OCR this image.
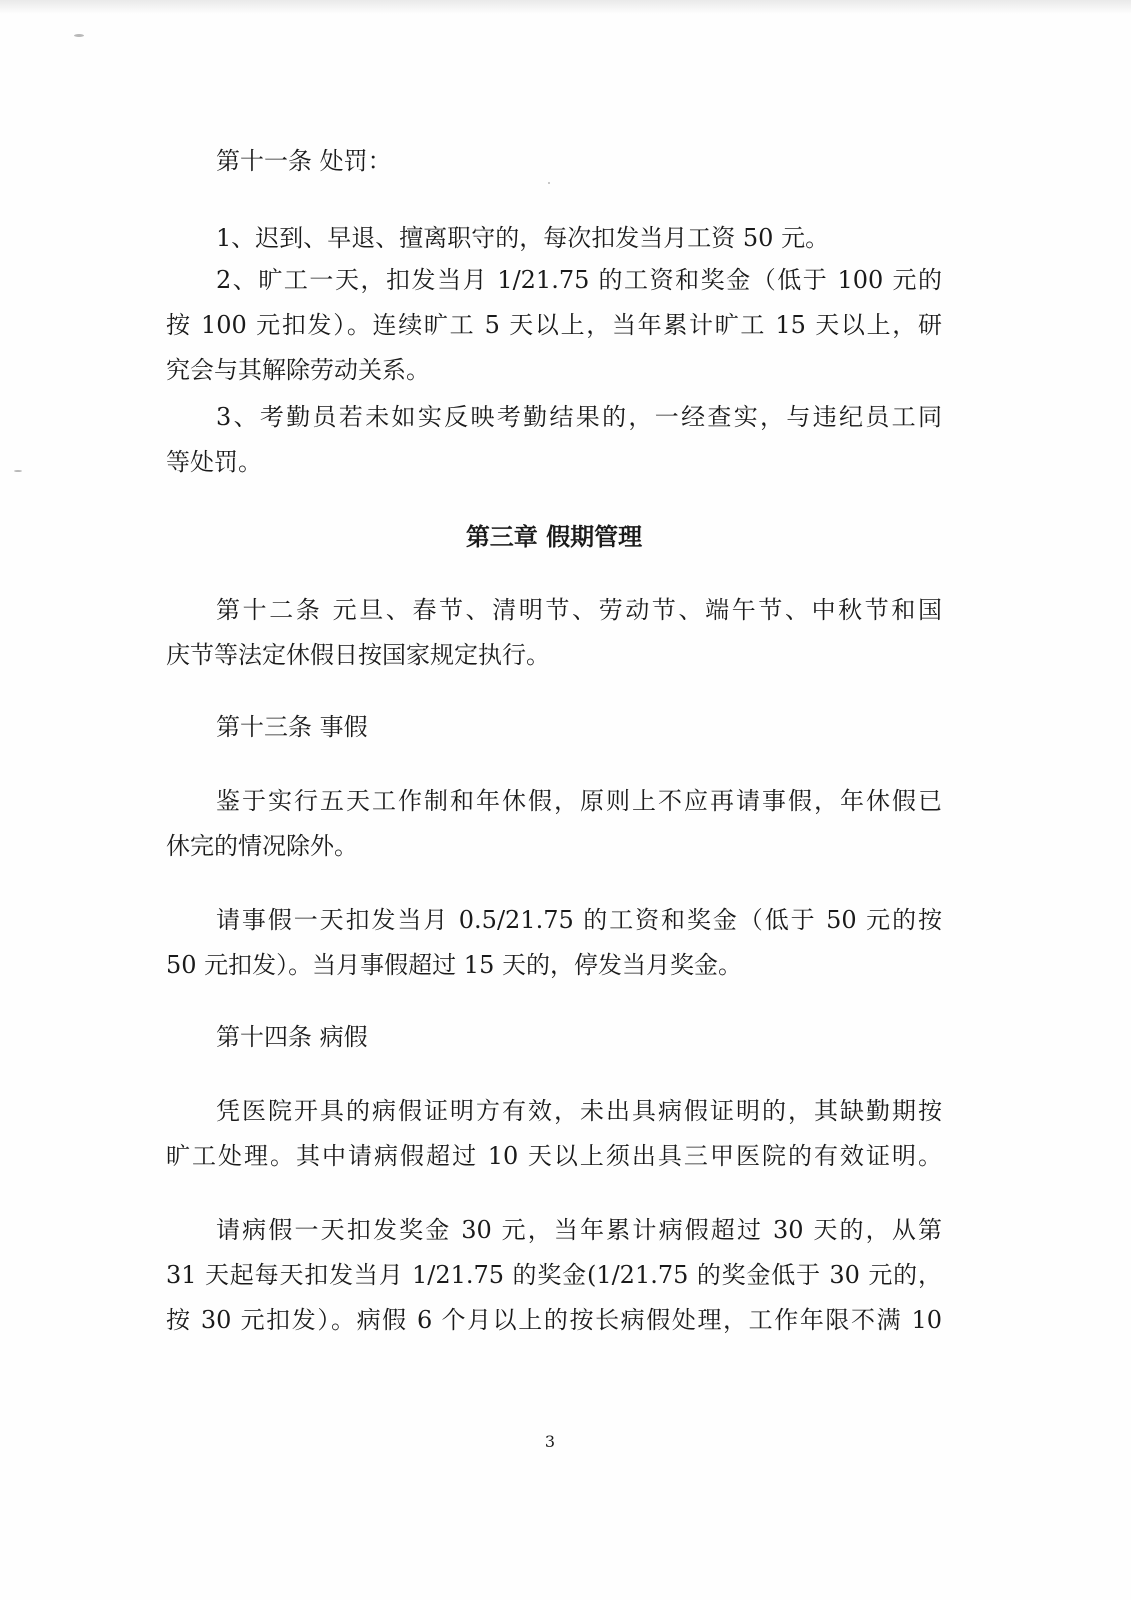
第十一条 处罚：
1、迟到、早退、擅离职守的，每次扣发当月工资 50 元。
2、旷工一天，扣发当月 1/21.75 的工资和奖金（低于 100 元的
按 100 元扣发）。连续旷工 5 天以上，当年累计旷工 15 天以上，研
究会与其解除劳动关系。
3、考勤员若未如实反映考勤结果的，一经查实，与违纪员工同
等处罚。
第三章 假期管理
第十二条 元旦、春节、清明节、劳动节、端午节、中秋节和国
庆节等法定休假日按国家规定执行。
第十三条 事假
鉴于实行五天工作制和年休假，原则上不应再请事假，年休假已
休完的情况除外。
请事假一天扣发当月 0.5/21.75 的工资和奖金（低于 50 元的按
50 元扣发）。当月事假超过 15 天的，停发当月奖金。
第十四条 病假
凭医院开具的病假证明方有效，未出具病假证明的，其缺勤期按
旷工处理。其中请病假超过 10 天以上须出具三甲医院的有效证明。
请病假一天扣发奖金 30 元，当年累计病假超过 30 天的，从第
31 天起每天扣发当月 1/21.75 的奖金(1/21.75 的奖金低于 30 元的，
按 30 元扣发）。病假 6 个月以上的按长病假处理，工作年限不满 10
3
